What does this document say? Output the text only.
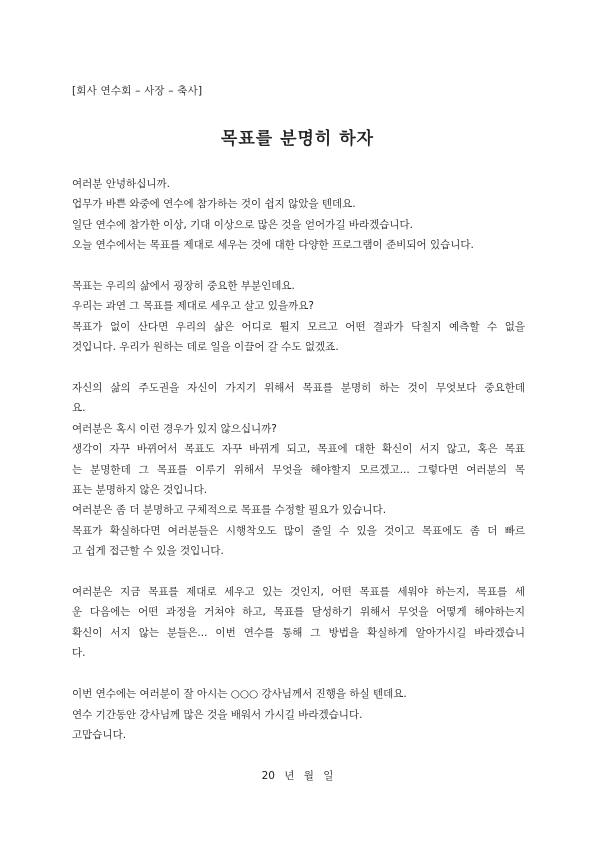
[회사 연수회 – 사장 – 축사]
목표를 분명히 하자

여러분 안녕하십니까.

업무가 바쁜 와중에 연수에 참가하는 것이 쉽지 않았을 텐데요.

일단 연수에 참가한 이상, 기대 이상으로 많은 것을 얻어가길 바라겠습니다.

오늘 연수에서는 목표를 제대로 세우는 것에 대한 다양한 프로그램이 준비되어 있습니다.

목표는 우리의 삶에서 굉장히 중요한 부분인데요.

우리는 과연 그 목표를 제대로 세우고 살고 있을까요?

목표가 없이 산다면 우리의 삶은 어디로 튈지 모르고 어떤 결과가 닥칠지 예측할 수 없을

것입니다. 우리가 원하는 데로 일을 이끌어 갈 수도 없겠죠.

자신의 삶의 주도권을 자신이 가지기 위해서 목표를 분명히 하는 것이 무엇보다 중요한데

요.

여러분은 혹시 이런 경우가 있지 않으십니까?

생각이 자꾸 바뀌어서 목표도 자꾸 바뀌게 되고, 목표에 대한 확신이 서지 않고, 혹은 목표

는 분명한데 그 목표를 이루기 위해서 무엇을 해야할지 모르겠고... 그렇다면 여러분의 목

표는 분명하지 않은 것입니다.

여러분은 좀 더 분명하고 구체적으로 목표를 수정할 필요가 있습니다.

목표가 확실하다면 여러분들은 시행착오도 많이 줄일 수 있을 것이고 목표에도 좀 더 빠르

고 쉽게 접근할 수 있을 것입니다.

여러분은 지금 목표를 제대로 세우고 있는 것인지, 어떤 목표를 세워야 하는지, 목표를 세

운 다음에는 어떤 과정을 거쳐야 하고, 목표를 달성하기 위해서 무엇을 어떻게 해야하는지

확신이 서지 않는 분들은... 이번 연수를 통해 그 방법을 확실하게 알아가시길 바라겠습니

다.

이번 연수에는 여러분이 잘 아시는 ○○○ 강사님께서 진행을 하실 텐데요.

연수 기간동안 강사님께 많은 것을 배워서 가시길 바라겠습니다.

고맙습니다.

20 년 월 일
